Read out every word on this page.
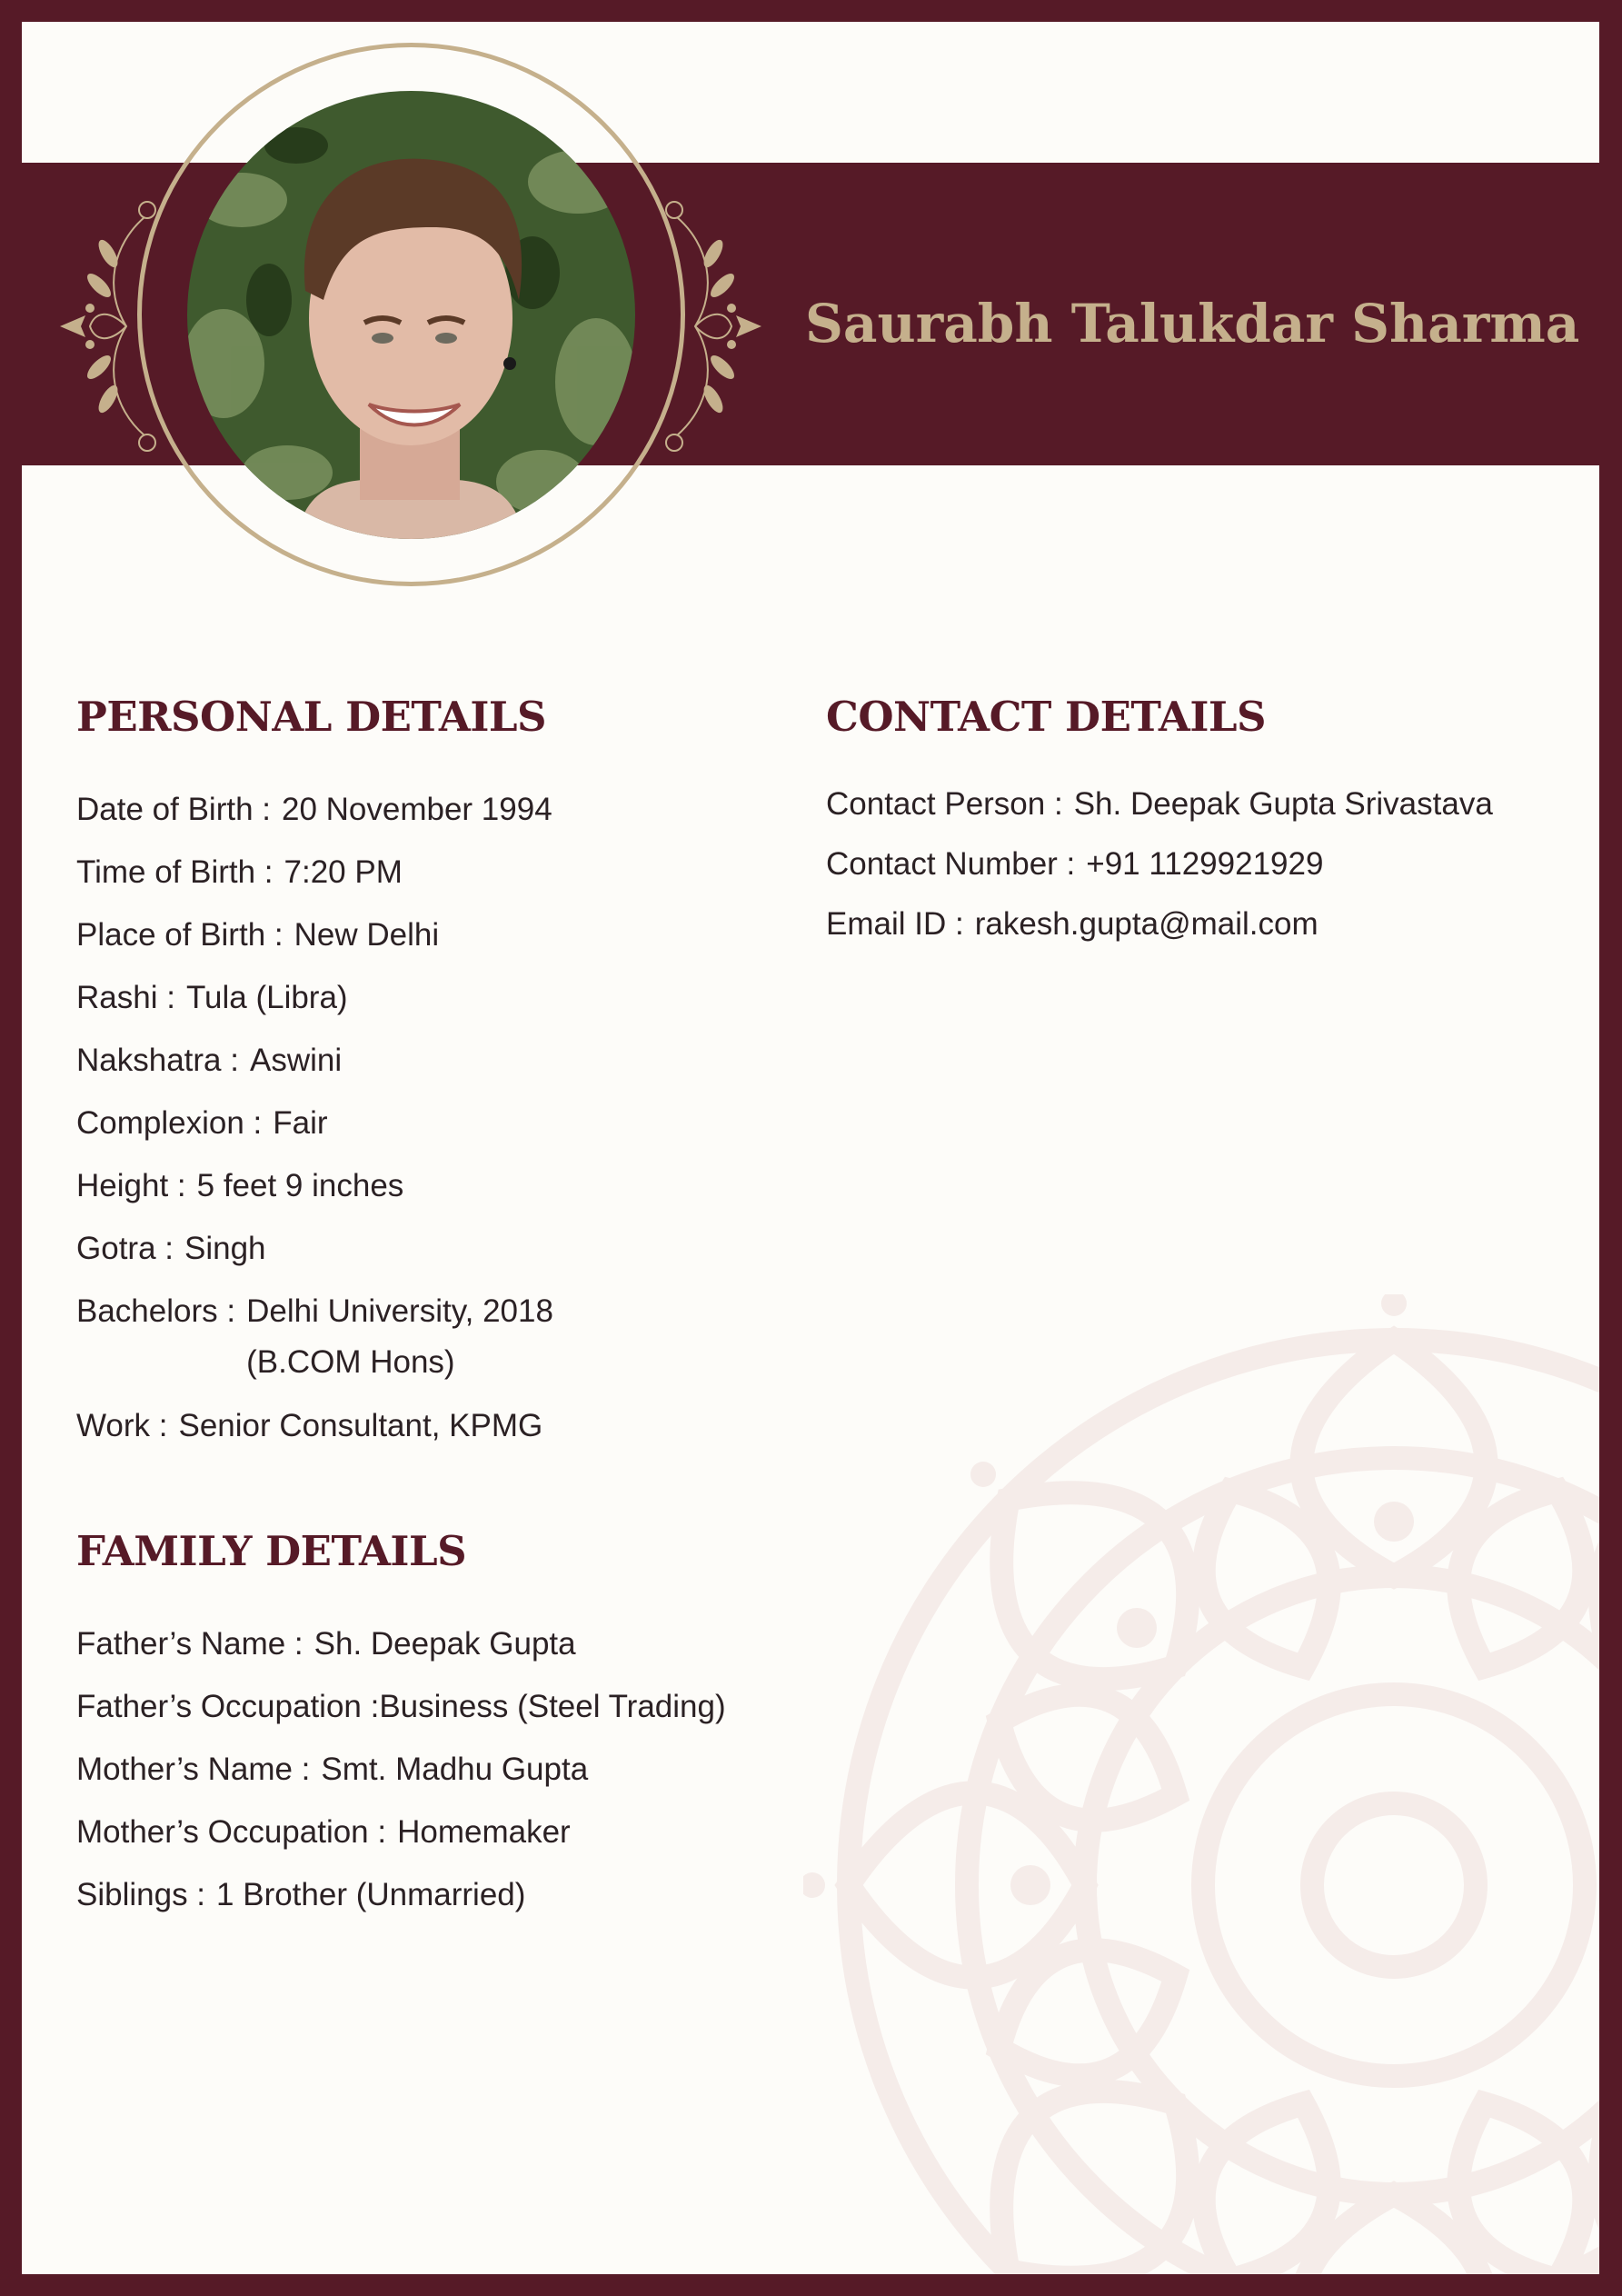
Saurabh Talukdar Sharma
PERSONAL DETAILS
Date of Birth : 20 November 1994
Time of Birth : 7:20 PM
Place of Birth : New Delhi
Rashi : Tula (Libra)
Nakshatra : Aswini
Complexion : Fair
Height : 5 feet 9 inches
Gotra : Singh
Bachelors : Delhi University, 2018
(B.COM Hons)
Work : Senior Consultant, KPMG
CONTACT DETAILS
Contact Person : Sh. Deepak Gupta Srivastava
Contact Number : +91 1129921929
Email ID : rakesh.gupta@mail.com
FAMILY DETAILS
Father’s Name : Sh. Deepak Gupta
Father’s Occupation :Business (Steel Trading)
Mother’s Name : Smt. Madhu Gupta
Mother’s Occupation : Homemaker
Siblings : 1 Brother (Unmarried)
